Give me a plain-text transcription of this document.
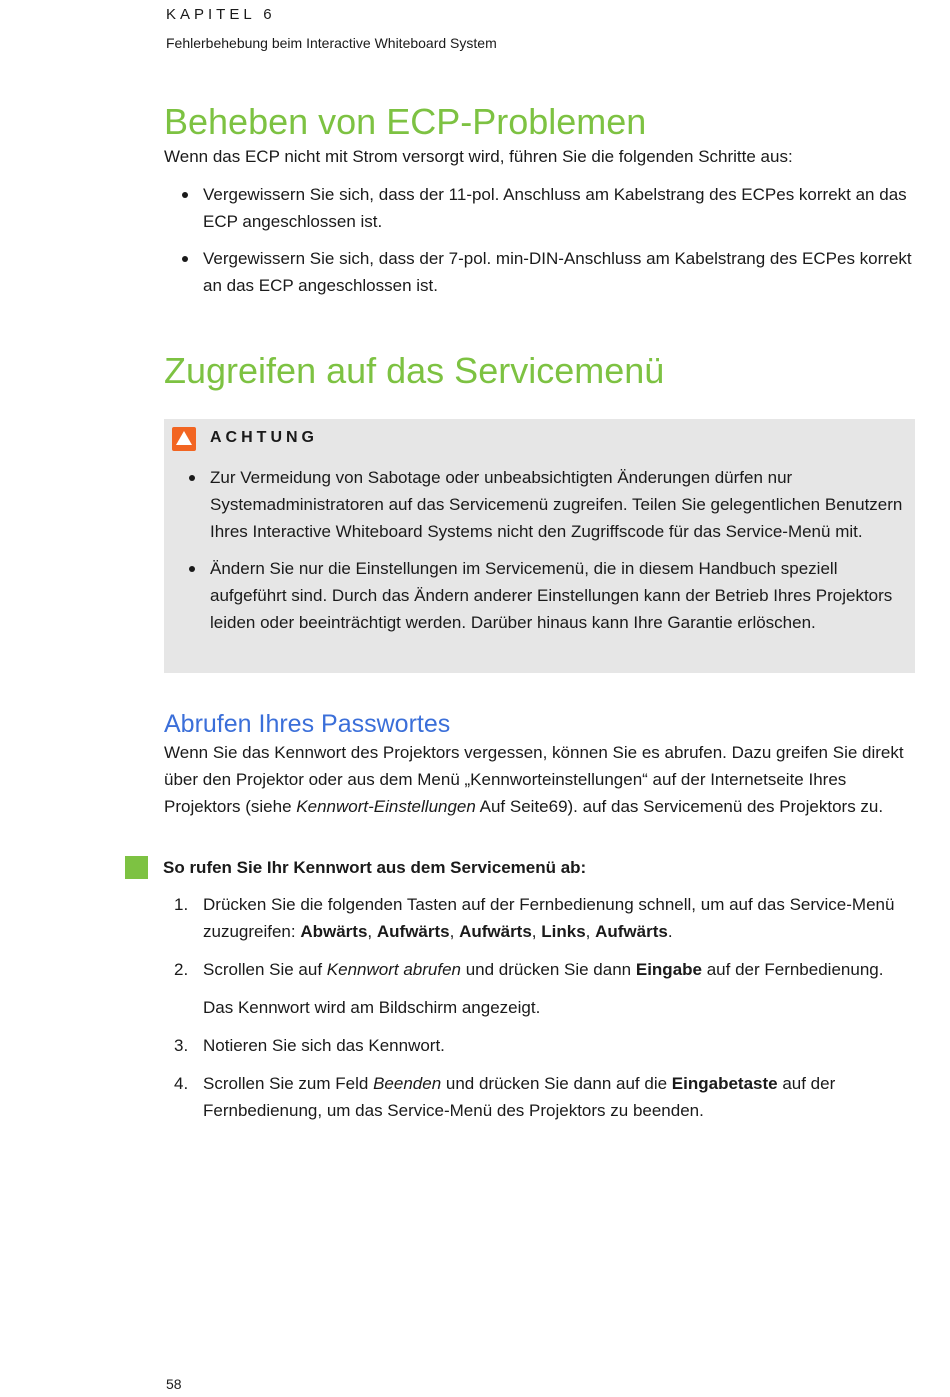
KAPITEL 6
Fehlerbehebung beim Interactive Whiteboard System
Beheben von ECP-Problemen

Wenn das ECP nicht mit Strom versorgt wird, führen Sie die folgenden Schritte aus:

Vergewissern Sie sich, dass der 11-pol. Anschluss am Kabelstrang des ECPes korrekt an das ECP angeschlossen ist.
Vergewissern Sie sich, dass der 7-pol. min-DIN-Anschluss am Kabelstrang des ECPes korrekt an das ECP angeschlossen ist.
Zugreifen auf das Servicemenü
ACHTUNG
Zur Vermeidung von Sabotage oder unbeabsichtigten Änderungen dürfen nur Systemadministratoren auf das Servicemenü zugreifen. Teilen Sie gelegentlichen Benutzern Ihres Interactive Whiteboard Systems nicht den Zugriffscode für das Service-Menü mit.
Ändern Sie nur die Einstellungen im Servicemenü, die in diesem Handbuch speziell aufgeführt sind. Durch das Ändern anderer Einstellungen kann der Betrieb Ihres Projektors leiden oder beeinträchtigt werden. Darüber hinaus kann Ihre Garantie erlöschen.
Abrufen Ihres Passwortes

Wenn Sie das Kennwort des Projektors vergessen, können Sie es abrufen. Dazu greifen Sie direkt über den Projektor oder aus dem Menü „Kennworteinstellungen“ auf der Internetseite Ihres Projektors (siehe Kennwort-Einstellungen Auf Seite69). auf das Servicemenü des Projektors zu.

So rufen Sie Ihr Kennwort aus dem Servicemenü ab:
1. Drücken Sie die folgenden Tasten auf der Fernbedienung schnell, um auf das Service-Menü zuzugreifen: Abwärts, Aufwärts, Aufwärts, Links, Aufwärts.
2. Scrollen Sie auf Kennwort abrufen und drücken Sie dann Eingabe auf der Fernbedienung.
Das Kennwort wird am Bildschirm angezeigt.
3. Notieren Sie sich das Kennwort.
4. Scrollen Sie zum Feld Beenden und drücken Sie dann auf die Eingabetaste auf der Fernbedienung, um das Service-Menü des Projektors zu beenden.
58
